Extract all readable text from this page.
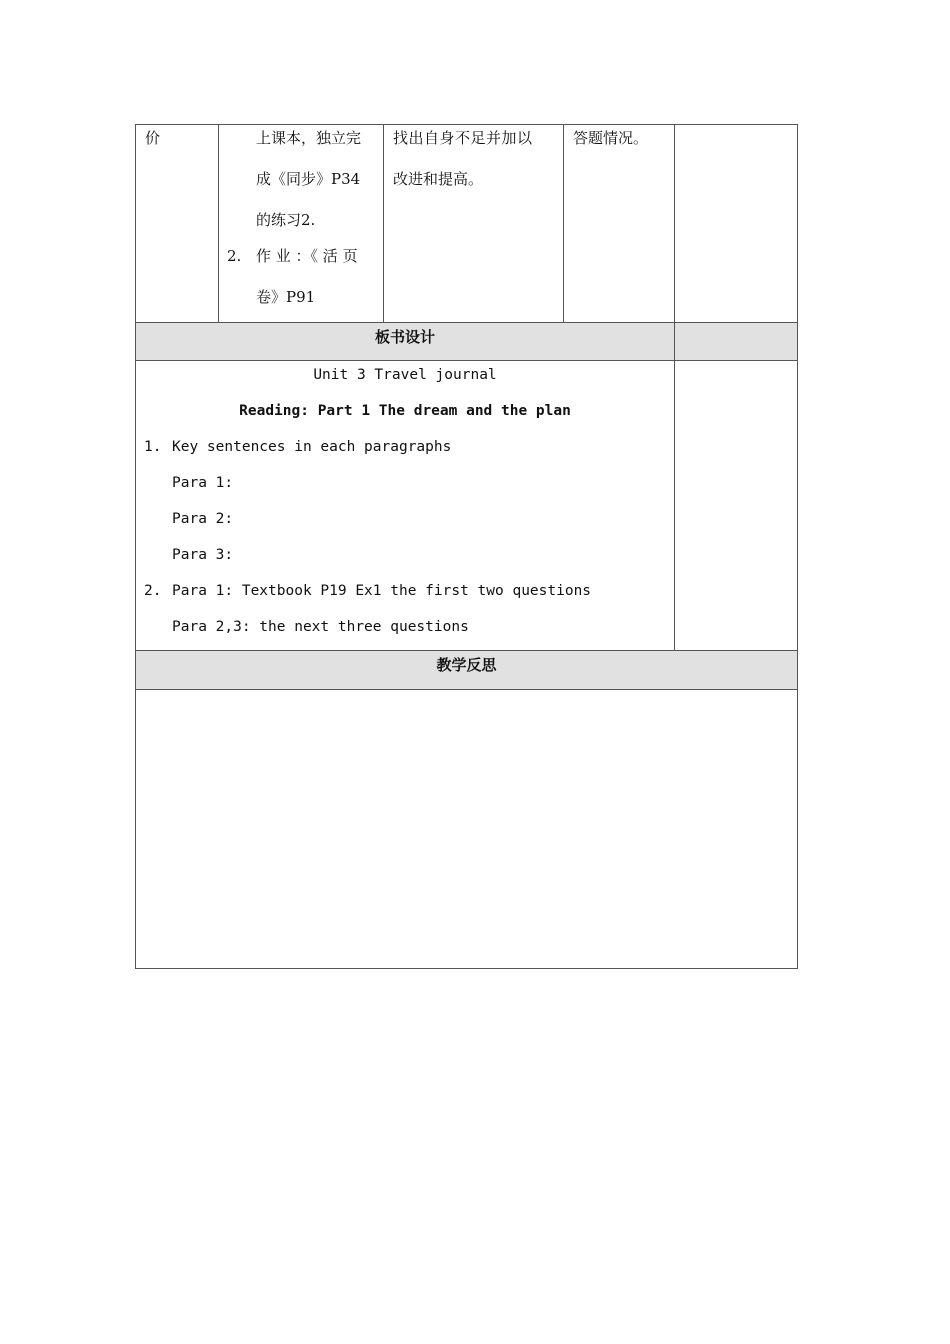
价	上课本，独立完
成《同步》P34
的练习2.
2. 作 业 ：《 活 页
卷》P91
找出自身不足并加以
改进和提高。
答题情况。
板书设计
Unit 3 Travel journal
Reading: Part 1 The dream and the plan
1. Key sentences in each paragraphs
Para 1:
Para 2:
Para 3:
2. Para 1: Textbook P19 Ex1 the first two questions
Para 2,3: the next three questions
教学反思
